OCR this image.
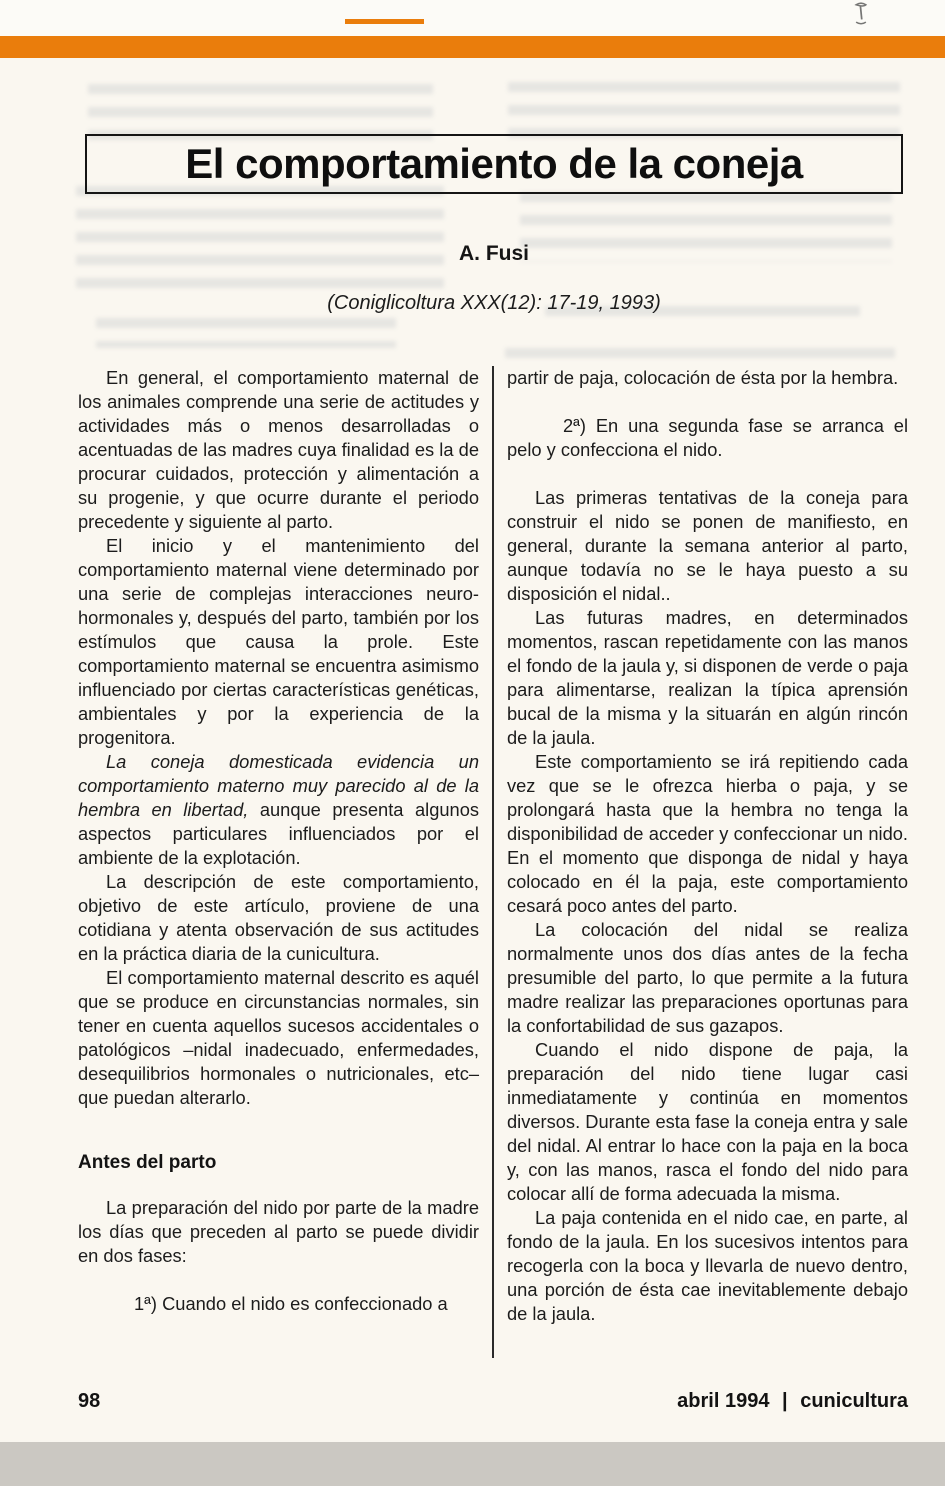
El comportamiento de la coneja
A. Fusi
(Coniglicoltura XXX(12): 17-19, 1993)

En general, el comportamiento maternal de los animales comprende una serie de actitudes y actividades más o menos desarrolladas o acentuadas de las madres cuya finalidad es la de procurar cuidados, protección y alimentación a su progenie, y que ocurre durante el periodo precedente y siguiente al parto.

El inicio y el mantenimiento del comportamiento maternal viene determinado por una serie de complejas interacciones neuro-hormonales y, después del parto, también por los estímulos que causa la prole. Este comportamiento maternal se encuentra asimismo influenciado por ciertas características genéticas, ambientales y por la experiencia de la progenitora.

La coneja domesticada evidencia un comportamiento materno muy parecido al de la hembra en libertad, aunque presenta algunos aspectos particulares influenciados por el ambiente de la explotación.

La descripción de este comportamiento, objetivo de este artículo, proviene de una cotidiana y atenta observación de sus actitudes en la práctica diaria de la cunicultura.

El comportamiento maternal descrito es aquél que se produce en circunstancias normales, sin tener en cuenta aquellos sucesos accidentales o patológicos –nidal inadecuado, enfermedades, desequilibrios hormonales o nutricionales, etc– que puedan alterarlo.

Antes del parto

La preparación del nido por parte de la madre los días que preceden al parto se puede dividir en dos fases:

1ª) Cuando el nido es confeccionado a

partir de paja, colocación de ésta por la hembra.

2ª) En una segunda fase se arranca el pelo y confecciona el nido.

Las primeras tentativas de la coneja para construir el nido se ponen de manifiesto, en general, durante la semana anterior al parto, aunque todavía no se le haya puesto a su disposición el nidal..

Las futuras madres, en determinados momentos, rascan repetidamente con las manos el fondo de la jaula y, si disponen de verde o paja para alimentarse, realizan la típica aprensión bucal de la misma y la situarán en algún rincón de la jaula.

Este comportamiento se irá repitiendo cada vez que se le ofrezca hierba o paja, y se prolongará hasta que la hembra no tenga la disponibilidad de acceder y confeccionar un nido. En el momento que disponga de nidal y haya colocado en él la paja, este comportamiento cesará poco antes del parto.

La colocación del nidal se realiza normalmente unos dos días antes de la fecha presumible del parto, lo que permite a la futura madre realizar las preparaciones oportunas para la confortabilidad de sus gazapos.

Cuando el nido dispone de paja, la preparación del nido tiene lugar casi inmediatamente y continúa en momentos diversos. Durante esta fase la coneja entra y sale del nidal. Al entrar lo hace con la paja en la boca y, con las manos, rasca el fondo del nido para colocar allí de forma adecuada la misma.

La paja contenida en el nido cae, en parte, al fondo de la jaula. En los sucesivos intentos para recogerla con la boca y llevarla de nuevo dentro, una porción de ésta cae inevitablemente debajo de la jaula.

98	abril 1994 | cunicultura
